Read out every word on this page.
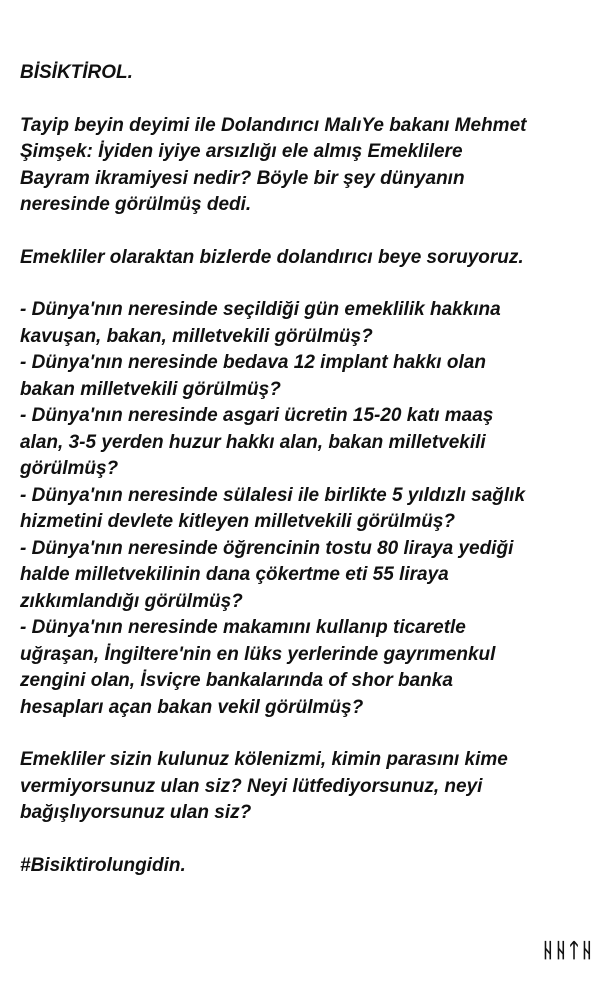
BİSİKTİROL.
Tayip beyin deyimi ile Dolandırıcı MalıYe bakanı Mehmet
Şimşek: İyiden iyiye arsızlığı ele almış Emeklilere
Bayram ikramiyesi nedir? Böyle bir şey dünyanın
neresinde görülmüş dedi.
Emekliler olaraktan bizlerde dolandırıcı beye soruyoruz.
- Dünya'nın neresinde seçildiği gün emeklilik hakkına
kavuşan, bakan, milletvekili görülmüş?
- Dünya'nın neresinde bedava 12 implant hakkı olan
bakan milletvekili görülmüş?
- Dünya'nın neresinde asgari ücretin 15-20 katı maaş
alan, 3-5 yerden huzur hakkı alan, bakan milletvekili
görülmüş?
- Dünya'nın neresinde sülalesi ile birlikte 5 yıldızlı sağlık
hizmetini devlete kitleyen milletvekili görülmüş?
- Dünya'nın neresinde öğrencinin tostu 80 liraya yediği
halde milletvekilinin dana çökertme eti 55 liraya
zıkkımlandığı görülmüş?
- Dünya'nın neresinde makamını kullanıp ticaretle
uğraşan, İngiltere'nin en lüks yerlerinde gayrımenkul
zengini olan, İsviçre bankalarında of shor banka
hesapları açan bakan vekil görülmüş?
Emekliler sizin kulunuz kölenizmi, kimin parasını kime
vermiyorsunuz ulan siz? Neyi lütfediyorsunuz, neyi
bağışlıyorsunuz ulan siz?
#Bisiktirolungidin.
ᚺᚺᛏᚺ
